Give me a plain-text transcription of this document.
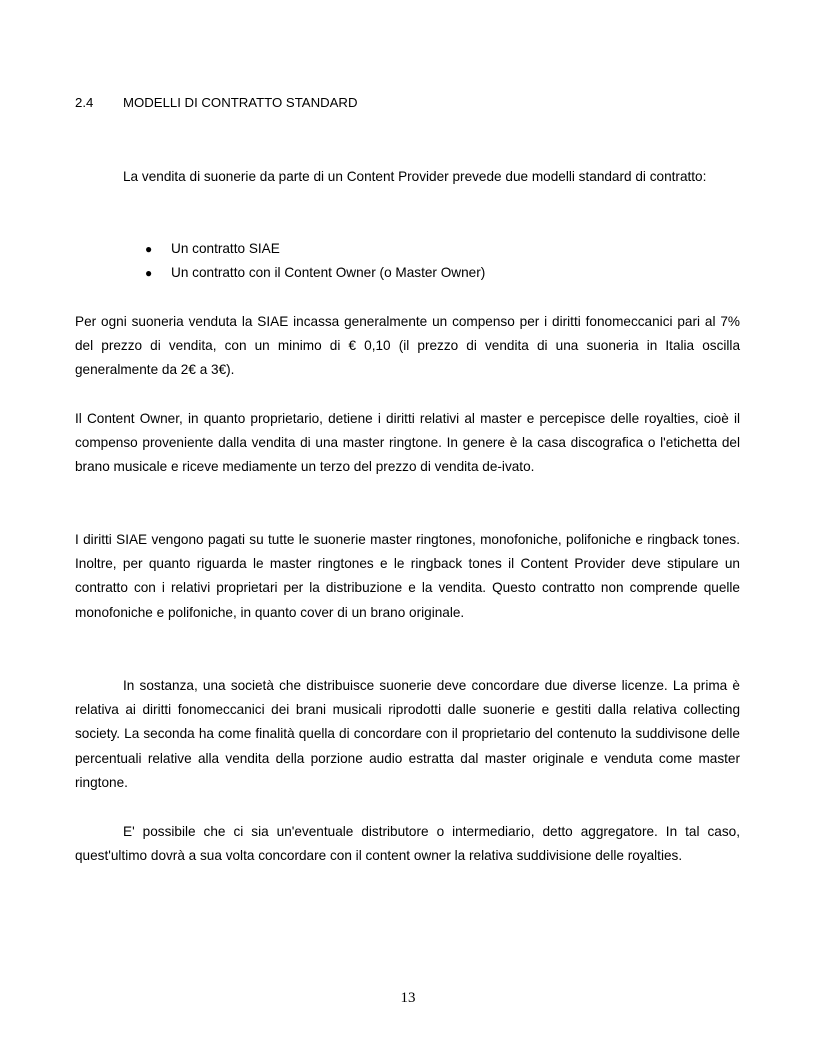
2.4 MODELLI DI CONTRATTO STANDARD

La vendita di suonerie da parte di un Content Provider prevede due modelli standard di contratto:

● Un contratto SIAE
● Un contratto con il Content Owner (o Master Owner)

Per ogni suoneria venduta la SIAE incassa generalmente un compenso per i diritti fonomeccanici pari al 7% del prezzo di vendita, con un minimo di € 0,10 (il prezzo di vendita di una suoneria in Italia oscilla generalmente da 2€ a 3€).

Il Content Owner, in quanto proprietario, detiene i diritti relativi al master e percepisce delle royalties, cioè il compenso proveniente dalla vendita di una master ringtone. In genere è la casa discografica o l'etichetta del brano musicale e riceve mediamente un terzo del prezzo di vendita de-ivato.

I diritti SIAE vengono pagati su tutte le suonerie master ringtones, monofoniche, polifoniche e ringback tones. Inoltre, per quanto riguarda le master ringtones e le ringback tones il Content Provider deve stipulare un contratto con i relativi proprietari per la distribuzione e la vendita. Questo contratto non comprende quelle monofoniche e polifoniche, in quanto cover di un brano originale.

In sostanza, una società che distribuisce suonerie deve concordare due diverse licenze. La prima è relativa ai diritti fonomeccanici dei brani musicali riprodotti dalle suonerie e gestiti dalla relativa collecting society. La seconda ha come finalità quella di concordare con il proprietario del contenuto la suddivisone delle percentuali relative alla vendita della porzione audio estratta dal master originale e venduta come master ringtone.

E' possibile che ci sia un'eventuale distributore o intermediario, detto aggregatore. In tal caso, quest'ultimo dovrà a sua volta concordare con il content owner la relativa suddivisione delle royalties.

13
